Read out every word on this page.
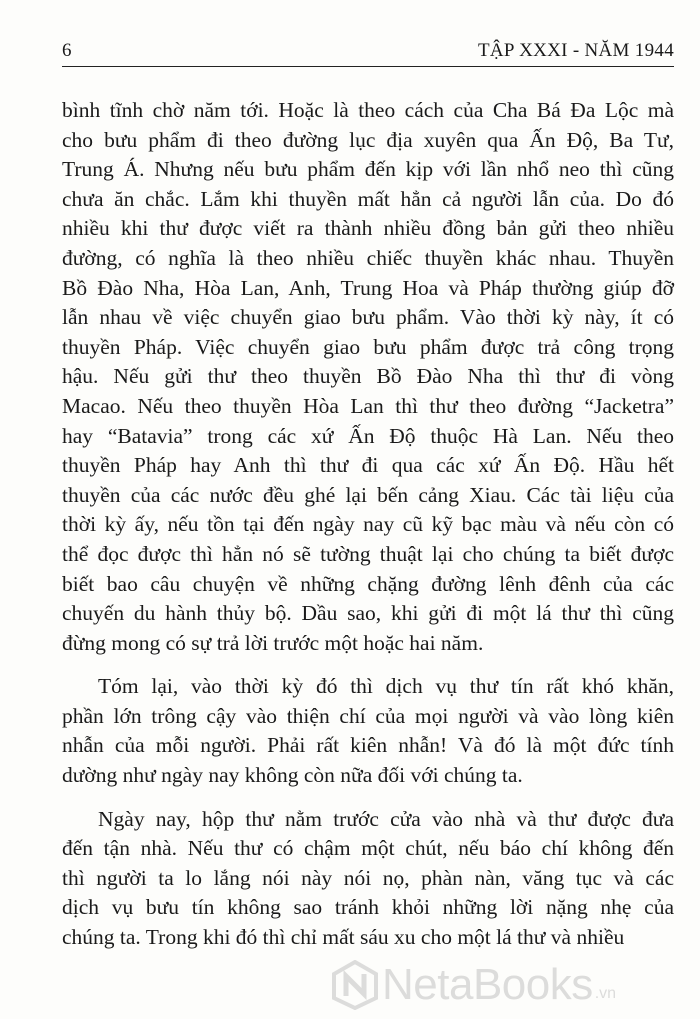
6	TẬP XXXI - NĂM 1944
bình tĩnh chờ năm tới. Hoặc là theo cách của Cha Bá Đa Lộc mà
cho bưu phẩm đi theo đường lục địa xuyên qua Ấn Độ, Ba Tư,
Trung Á. Nhưng nếu bưu phẩm đến kịp với lần nhổ neo thì cũng
chưa ăn chắc. Lắm khi thuyền mất hẳn cả người lẫn của. Do đó
nhiều khi thư được viết ra thành nhiều đồng bản gửi theo nhiều
đường, có nghĩa là theo nhiều chiếc thuyền khác nhau. Thuyền
Bồ Đào Nha, Hòa Lan, Anh, Trung Hoa và Pháp thường giúp đỡ
lẫn nhau về việc chuyển giao bưu phẩm. Vào thời kỳ này, ít có
thuyền Pháp. Việc chuyển giao bưu phẩm được trả công trọng
hậu. Nếu gửi thư theo thuyền Bồ Đào Nha thì thư đi vòng
Macao. Nếu theo thuyền Hòa Lan thì thư theo đường “Jacketra”
hay “Batavia” trong các xứ Ấn Độ thuộc Hà Lan. Nếu theo
thuyền Pháp hay Anh thì thư đi qua các xứ Ấn Độ. Hầu hết
thuyền của các nước đều ghé lại bến cảng Xiau. Các tài liệu của
thời kỳ ấy, nếu tồn tại đến ngày nay cũ kỹ bạc màu và nếu còn có
thể đọc được thì hẳn nó sẽ tường thuật lại cho chúng ta biết được
biết bao câu chuyện về những chặng đường lênh đênh của các
chuyến du hành thủy bộ. Dầu sao, khi gửi đi một lá thư thì cũng
đừng mong có sự trả lời trước một hoặc hai năm.
Tóm lại, vào thời kỳ đó thì dịch vụ thư tín rất khó khăn,
phần lớn trông cậy vào thiện chí của mọi người và vào lòng kiên
nhẫn của mỗi người. Phải rất kiên nhẫn! Và đó là một đức tính
dường như ngày nay không còn nữa đối với chúng ta.
Ngày nay, hộp thư nằm trước cửa vào nhà và thư được đưa
đến tận nhà. Nếu thư có chậm một chút, nếu báo chí không đến
thì người ta lo lắng nói này nói nọ, phàn nàn, văng tục và các
dịch vụ bưu tín không sao tránh khỏi những lời nặng nhẹ của
chúng ta. Trong khi đó thì chỉ mất sáu xu cho một lá thư và nhiều
NetaBooks .vn
